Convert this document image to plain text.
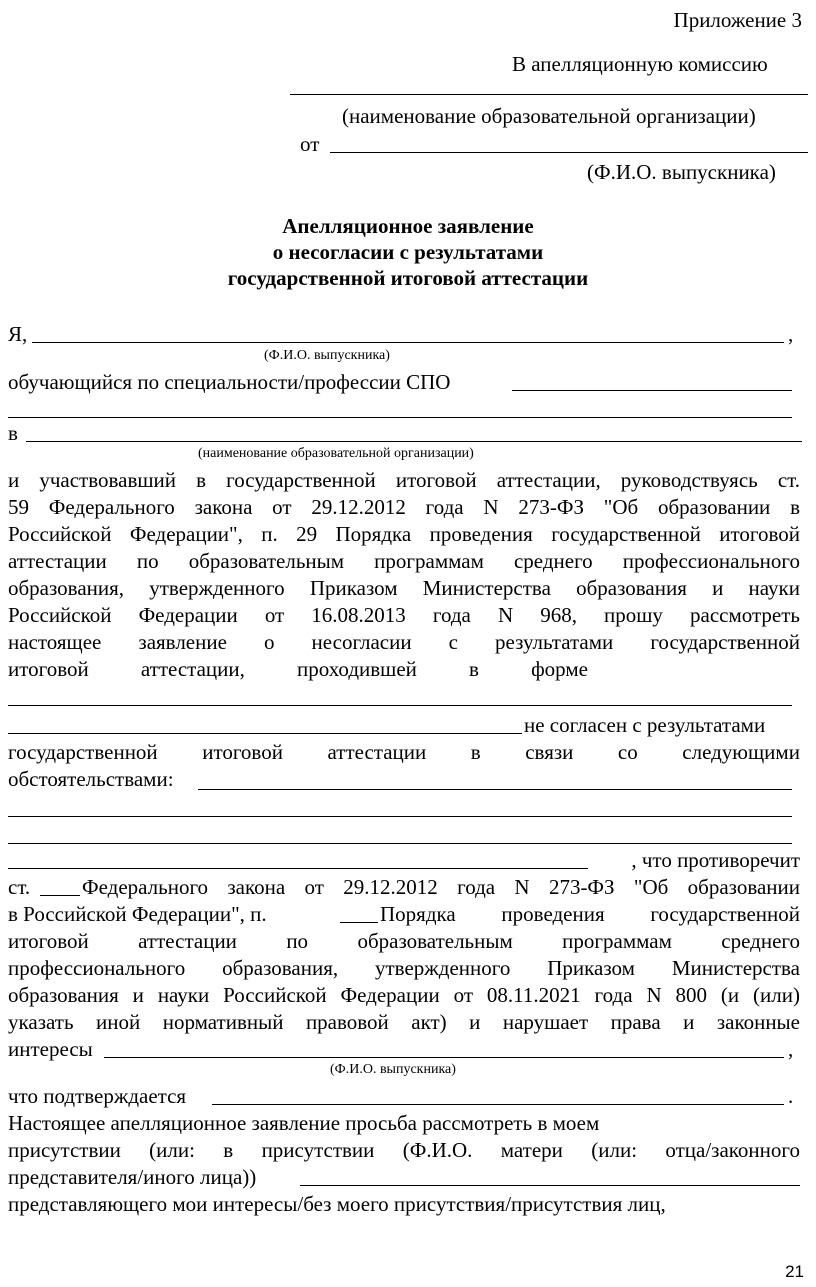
Приложение 3
В апелляционную комиссию
(наименование образовательной организации)
от
(Ф.И.О. выпускника)
Апелляционное заявление
о несогласии с результатами
государственной итоговой аттестации
Я,	,
(Ф.И.О. выпускника)
обучающийся по специальности/профессии СПО
в
(наименование образовательной организации)
и участвовавший в государственной итоговой аттестации, руководствуясь ст.
59 Федерального закона от 29.12.2012 года N 273-ФЗ "Об образовании в
Российской Федерации", п. 29 Порядка проведения государственной итоговой
аттестации по образовательным программам среднего профессионального
образования, утвержденного Приказом Министерства образования и науки
Российской Федерации от 16.08.2013 года N 968, прошу рассмотреть
настоящее заявление о несогласии с результатами государственной
итоговой аттестации, проходившей в форме
не согласен с результатами
государственной итоговой аттестации в связи со следующими
обстоятельствами:
, что противоречит
ст. Федерального закона от 29.12.2012 года N 273-ФЗ "Об образовании
в Российской Федерации", п.	Порядка проведения государственной
итоговой аттестации по образовательным программам среднего
профессионального образования, утвержденного Приказом Министерства
образования и науки Российской Федерации от 08.11.2021 года N 800 (и (или)
указать иной нормативный правовой акт) и нарушает права и законные
интересы	,
(Ф.И.О. выпускника)
что подтверждается	.
Настоящее апелляционное заявление просьба рассмотреть в моем
присутствии (или: в присутствии (Ф.И.О. матери (или: отца/законного
представителя/иного лица))
представляющего мои интересы/без моего присутствия/присутствия лиц,
21
